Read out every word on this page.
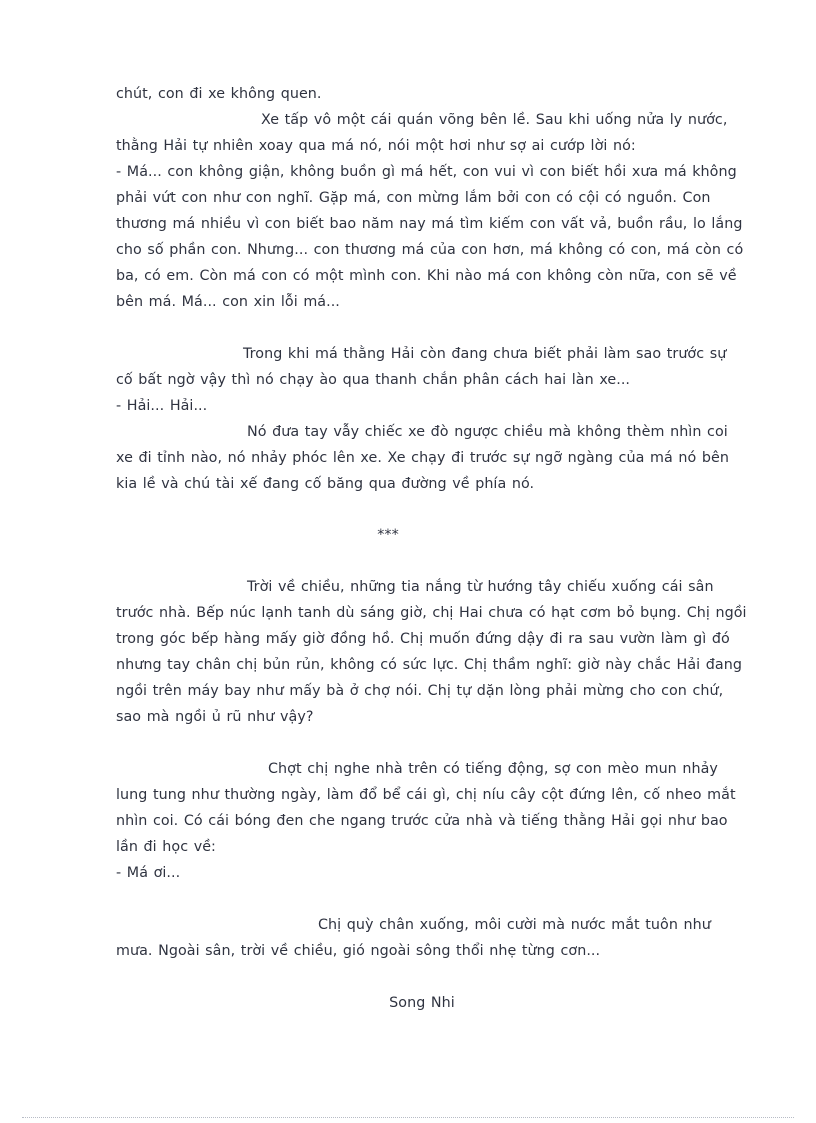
chút, con đi xe không quen.
Xe tấp vô một cái quán võng bên lề. Sau khi uống nửa ly nước,
thằng Hải tự nhiên xoay qua má nó, nói một hơi như sợ ai cướp lời nó:
- Má... con không giận, không buồn gì má hết, con vui vì con biết hồi xưa má không
phải vứt con như con nghĩ. Gặp má, con mừng lắm bởi con có cội có nguồn. Con
thương má nhiều vì con biết bao năm nay má tìm kiếm con vất vả, buồn rầu, lo lắng
cho số phần con. Nhưng... con thương má của con hơn, má không có con, má còn có
ba, có em. Còn má con có một mình con. Khi nào má con không còn nữa, con sẽ về
bên má. Má... con xin lỗi má...
Trong khi má thằng Hải còn đang chưa biết phải làm sao trước sự
cố bất ngờ vậy thì nó chạy ào qua thanh chắn phân cách hai làn xe...
- Hải... Hải...
Nó đưa tay vẫy chiếc xe đò ngược chiều mà không thèm nhìn coi
xe đi tỉnh nào, nó nhảy phóc lên xe. Xe chạy đi trước sự ngỡ ngàng của má nó bên
kia lề và chú tài xế đang cố băng qua đường về phía nó.
***
Trời về chiều, những tia nắng từ hướng tây chiếu xuống cái sân
trước nhà. Bếp núc lạnh tanh dù sáng giờ, chị Hai chưa có hạt cơm bỏ bụng. Chị ngồi
trong góc bếp hàng mấy giờ đồng hồ. Chị muốn đứng dậy đi ra sau vườn làm gì đó
nhưng tay chân chị bủn rủn, không có sức lực. Chị thầm nghĩ: giờ này chắc Hải đang
ngồi trên máy bay như mấy bà ở chợ nói. Chị tự dặn lòng phải mừng cho con chứ,
sao mà ngồi ủ rũ như vậy?
Chợt chị nghe nhà trên có tiếng động, sợ con mèo mun nhảy
lung tung như thường ngày, làm đổ bể cái gì, chị níu cây cột đứng lên, cố nheo mắt
nhìn coi. Có cái bóng đen che ngang trước cửa nhà và tiếng thằng Hải gọi như bao
lần đi học về:
- Má ơi...
Chị quỳ chân xuống, môi cười mà nước mắt tuôn như
mưa. Ngoài sân, trời về chiều, gió ngoài sông thổi nhẹ từng cơn...
Song Nhi
